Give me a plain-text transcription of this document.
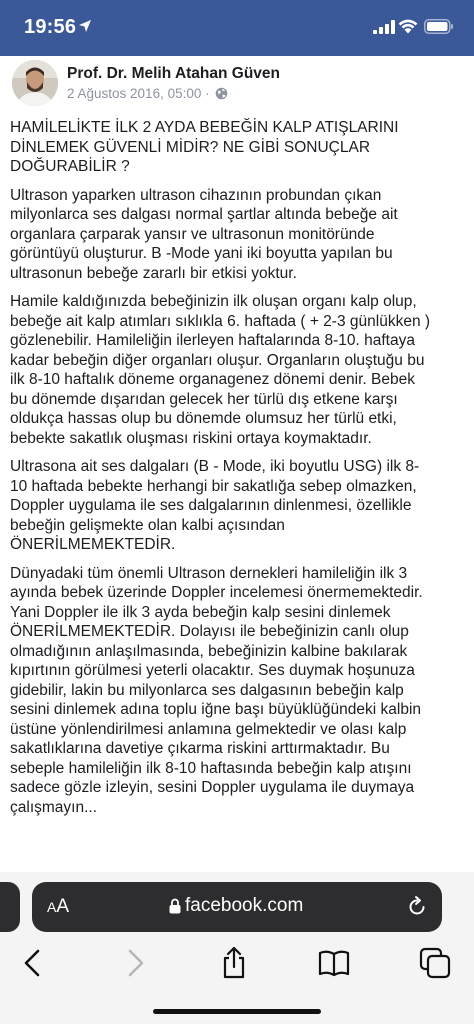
19:56
Prof. Dr. Melih Atahan Güven
2 Ağustos 2016, 05:00 ·

HAMİLELİKTE İLK 2 AYDA BEBEĞİN KALP ATIŞLARINI
DİNLEMEK GÜVENLİ MİDİR? NE GİBİ SONUÇLAR
DOĞURABİLİR ?

Ultrason yaparken ultrason cihazının probundan çıkan
milyonlarca ses dalgası normal şartlar altında bebeğe ait
organlara çarparak yansır ve ultrasonun monitöründe
görüntüyü oluşturur. B -Mode yani iki boyutta yapılan bu
ultrasonun bebeğe zararlı bir etkisi yoktur.

Hamile kaldığınızda bebeğinizin ilk oluşan organı kalp olup,
bebeğe ait kalp atımları sıklıkla 6. haftada ( + 2-3 günlükken )
gözlenebilir. Hamileliğin ilerleyen haftalarında 8-10. haftaya
kadar bebeğin diğer organları oluşur. Organların oluştuğu bu
ilk 8-10 haftalık döneme organagenez dönemi denir. Bebek
bu dönemde dışarıdan gelecek her türlü dış etkene karşı
oldukça hassas olup bu dönemde olumsuz her türlü etki,
bebekte sakatlık oluşması riskini ortaya koymaktadır.

Ultrasona ait ses dalgaları (B - Mode, iki boyutlu USG) ilk 8-
10 haftada bebekte herhangi bir sakatlığa sebep olmazken,
Doppler uygulama ile ses dalgalarının dinlenmesi, özellikle
bebeğin gelişmekte olan kalbi açısından
ÖNERİLMEMEKTEDİR.

Dünyadaki tüm önemli Ultrason dernekleri hamileliğin ilk 3
ayında bebek üzerinde Doppler incelemesi önermemektedir.
Yani Doppler ile ilk 3 ayda bebeğin kalp sesini dinlemek
ÖNERİLMEMEKTEDİR. Dolayısı ile bebeğinizin canlı olup
olmadığının anlaşılmasında, bebeğinizin kalbine bakılarak
kıpırtının görülmesi yeterli olacaktır. Ses duymak hoşunuza
gidebilir, lakin bu milyonlarca ses dalgasının bebeğin kalp
sesini dinlemek adına toplu iğne başı büyüklüğündeki kalbin
üstüne yönlendirilmesi anlamına gelmektedir ve olası kalp
sakatlıklarına davetiye çıkarma riskini arttırmaktadır. Bu
sebeple hamileliğin ilk 8-10 haftasında bebeğin kalp atışını
sadece gözle izleyin, sesini Doppler uygulama ile duymaya
çalışmayın...

AA	facebook.com
